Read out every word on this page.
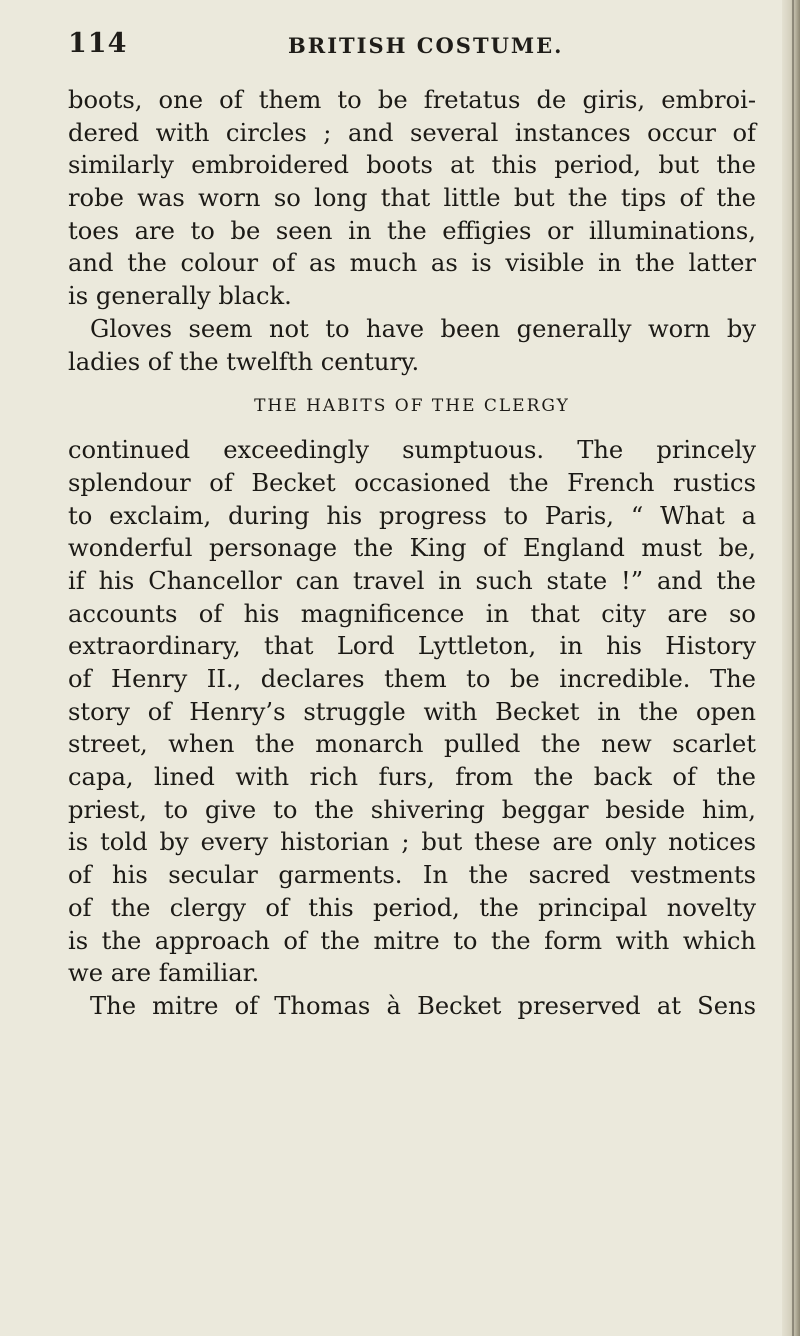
114	BRITISH COSTUME.
boots, one of them to be fretatus de giris, embroi-
dered with circles ; and several instances occur of
similarly embroidered boots at this period, but the
robe was worn so long that little but the tips of the
toes are to be seen in the effigies or illuminations,
and the colour of as much as is visible in the latter
is generally black.
Gloves seem not to have been generally worn by
ladies of the twelfth century.
THE HABITS OF THE CLERGY
continued exceedingly sumptuous. The princely
splendour of Becket occasioned the French rustics
to exclaim, during his progress to Paris, “ What a
wonderful personage the King of England must be,
if his Chancellor can travel in such state !” and the
accounts of his magnificence in that city are so
extraordinary, that Lord Lyttleton, in his History
of Henry II., declares them to be incredible. The
story of Henry’s struggle with Becket in the open
street, when the monarch pulled the new scarlet
capa, lined with rich furs, from the back of the
priest, to give to the shivering beggar beside him,
is told by every historian ; but these are only notices
of his secular garments. In the sacred vestments
of the clergy of this period, the principal novelty
is the approach of the mitre to the form with which
we are familiar.
The mitre of Thomas à Becket preserved at Sens
